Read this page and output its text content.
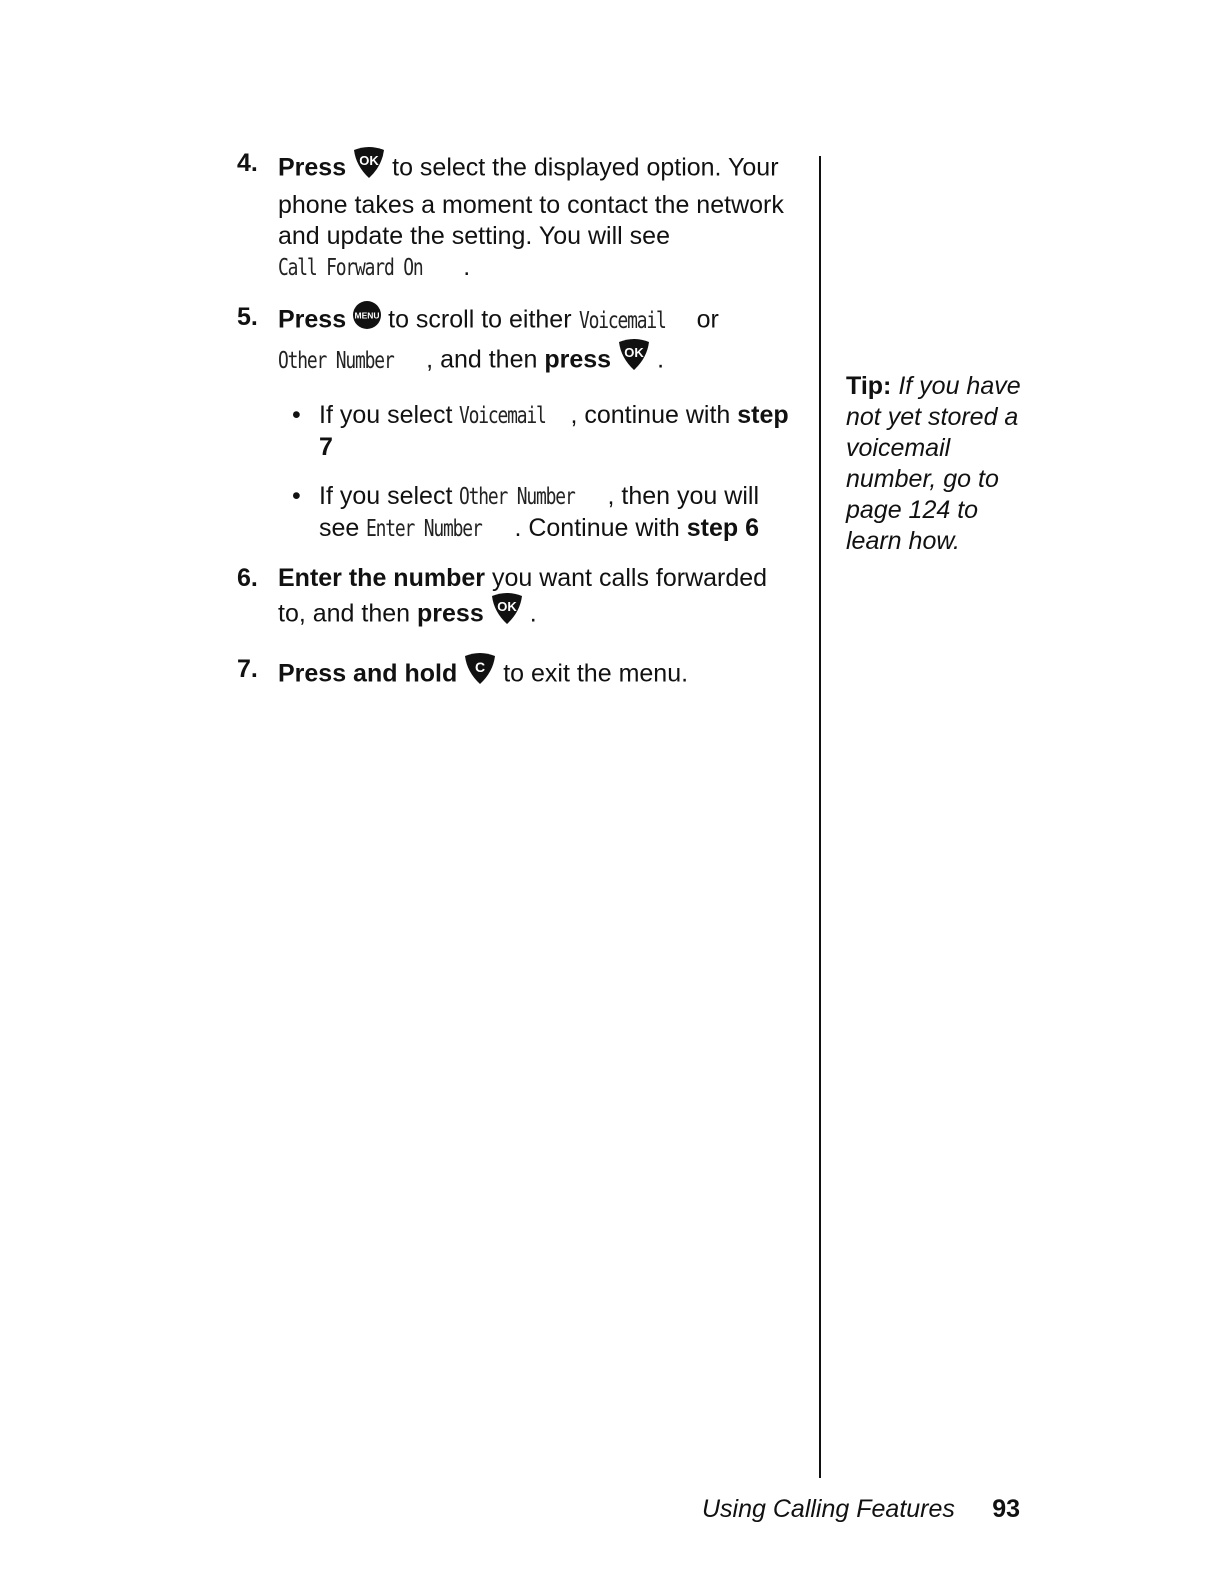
4. Press OK to select the displayed option. Your phone takes a moment to contact the network and update the setting. You will see Call Forward On .
5. Press MENU to scroll to either Voicemail or Other Number , and then press OK .
• If you select Voicemail , continue with step 7
• If you select Other Number , then you will see Enter Number . Continue with step 6
6. Enter the number you want calls forwarded to, and then press OK .
7. Press and hold C to exit the menu.
Tip: If you have not yet stored a voicemail number, go to page 124 to learn how.
Using Calling Features 93
